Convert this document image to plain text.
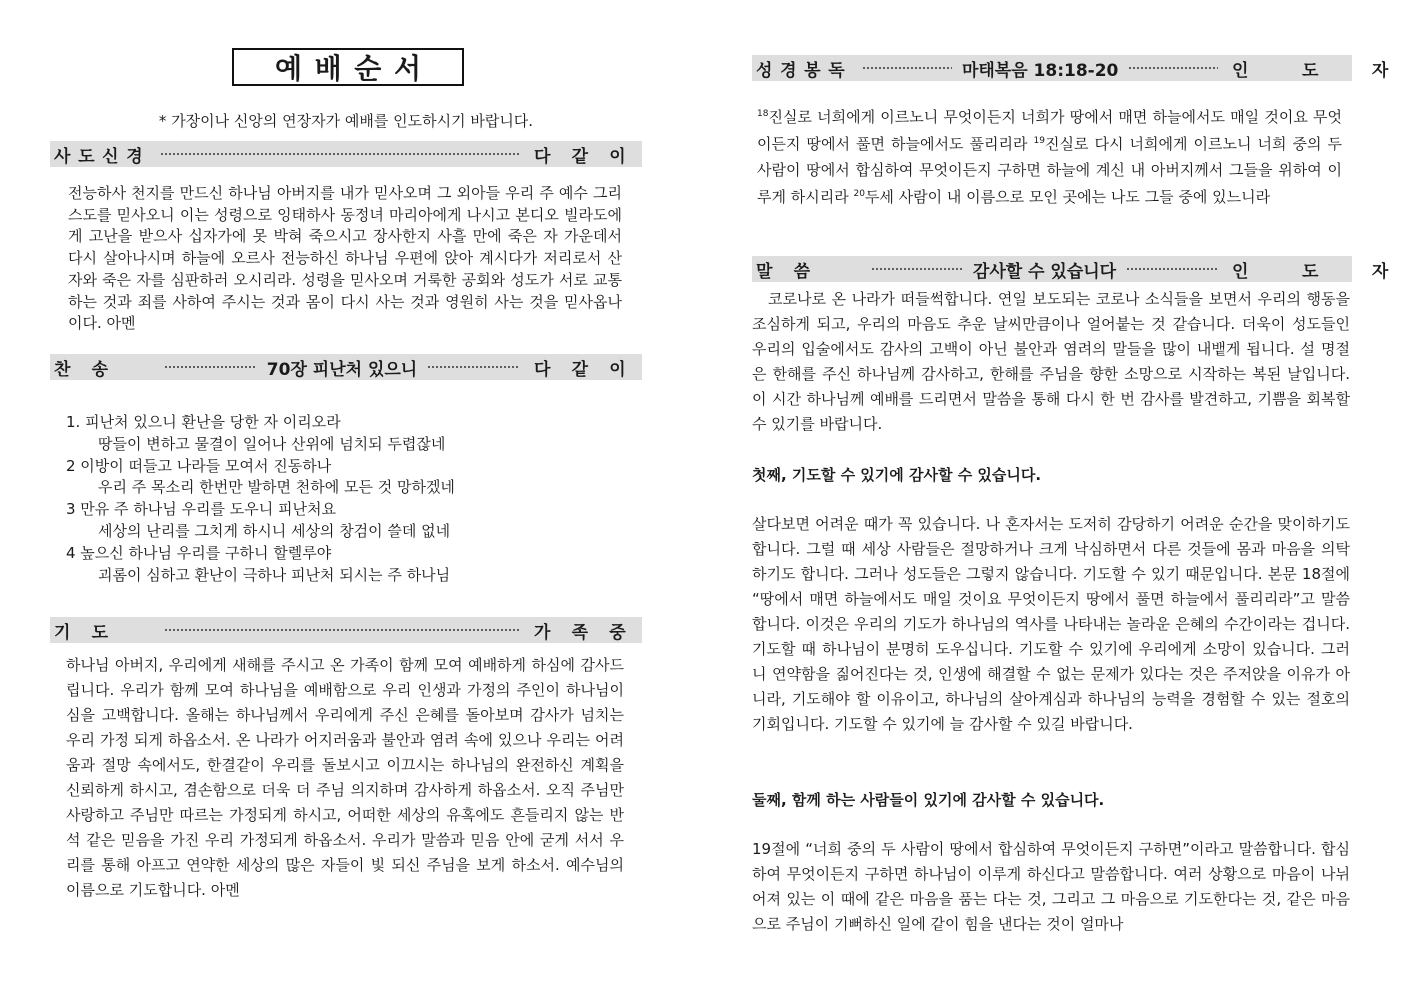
예배순서
* 가장이나 신앙의 연장자가 예배를 인도하시기 바랍니다.
사도신경	다 같 이

전능하사 천지를 만드신 하나님 아버지를 내가 믿사오며 그 외아들 우리 주 예수 그리스도를 믿사오니 이는 성령으로 잉태하사 동정녀 마리아에게 나시고 본디오 빌라도에게 고난을 받으사 십자가에 못 박혀 죽으시고 장사한지 사흘 만에 죽은 자 가운데서 다시 살아나시며 하늘에 오르사 전능하신 하나님 우편에 앉아 계시다가 저리로서 산 자와 죽은 자를 심판하러 오시리라. 성령을 믿사오며 거룩한 공회와 성도가 서로 교통하는 것과 죄를 사하여 주시는 것과 몸이 다시 사는 것과 영원히 사는 것을 믿사옵나이다. 아멘

찬 송	70장 피난처 있으니	다 같 이
기 도	가 족 중

하나님 아버지, 우리에게 새해를 주시고 온 가족이 함께 모여 예배하게 하심에 감사드립니다. 우리가 함께 모여 하나님을 예배함으로 우리 인생과 가정의 주인이 하나님이심을 고백합니다. 올해는 하나님께서 우리에게 주신 은혜를 돌아보며 감사가 넘치는 우리 가정 되게 하옵소서. 온 나라가 어지러움과 불안과 염려 속에 있으나 우리는 어려움과 절망 속에서도, 한결같이 우리를 돌보시고 이끄시는 하나님의 완전하신 계획을 신뢰하게 하시고, 겸손함으로 더욱 더 주님 의지하며 감사하게 하옵소서. 오직 주님만 사랑하고 주님만 따르는 가정되게 하시고, 어떠한 세상의 유혹에도 흔들리지 않는 반석 같은 믿음을 가진 우리 가정되게 하옵소서. 우리가 말씀과 믿음 안에 굳게 서서 우리를 통해 아프고 연약한 세상의 많은 자들이 빛 되신 주님을 보게 하소서. 예수님의 이름으로 기도합니다. 아멘

1. 피난처 있으니 환난을 당한 자 이리오라

땅들이 변하고 물결이 일어나 산위에 넘치되 두렵잖네

2 이방이 떠들고 나라들 모여서 진동하나

우리 주 목소리 한번만 발하면 천하에 모든 것 망하겠네

3 만유 주 하나님 우리를 도우니 피난처요

세상의 난리를 그치게 하시니 세상의 창검이 쓸데 없네

4 높으신 하나님 우리를 구하니 할렐루야

괴롬이 심하고 환난이 극하나 피난처 되시는 주 하나님

성경봉독	마태복음 18:18-20	인 도 자

$^{18}$진실로 너희에게 이르노니 무엇이든지 너희가 땅에서 매면 하늘에서도 매일 것이요 무엇이든지 땅에서 풀면 하늘에서도 풀리리라 $^{19}$진실로 다시 너희에게 이르노니 너희 중의 두 사람이 땅에서 합심하여 무엇이든지 구하면 하늘에 계신 내 아버지께서 그들을 위하여 이루게 하시리라 $^{20}$두세 사람이 내 이름으로 모인 곳에는 나도 그들 중에 있느니라

말 씀	감사할 수 있습니다	인 도 자

코로나로 온 나라가 떠들썩합니다. 연일 보도되는 코로나 소식들을 보면서 우리의 행동을 조심하게 되고, 우리의 마음도 추운 날씨만큼이나 얼어붙는 것 같습니다. 더욱이 성도들인 우리의 입술에서도 감사의 고백이 아닌 불안과 염려의 말들을 많이 내뱉게 됩니다. 설 명절은 한해를 주신 하나님께 감사하고, 한해를 주님을 향한 소망으로 시작하는 복된 날입니다. 이 시간 하나님께 예배를 드리면서 말씀을 통해 다시 한 번 감사를 발견하고, 기쁨을 회복할 수 있기를 바랍니다.

첫째, 기도할 수 있기에 감사할 수 있습니다.

살다보면 어려운 때가 꼭 있습니다. 나 혼자서는 도저히 감당하기 어려운 순간을 맞이하기도 합니다. 그럴 때 세상 사람들은 절망하거나 크게 낙심하면서 다른 것들에 몸과 마음을 의탁하기도 합니다. 그러나 성도들은 그렇지 않습니다. 기도할 수 있기 때문입니다. 본문 18절에 “땅에서 매면 하늘에서도 매일 것이요 무엇이든지 땅에서 풀면 하늘에서 풀리리라”고 말씀합니다. 이것은 우리의 기도가 하나님의 역사를 나타내는 놀라운 은혜의 수간이라는 겁니다. 기도할 때 하나님이 분명히 도우십니다. 기도할 수 있기에 우리에게 소망이 있습니다. 그러니 연약함을 짊어진다는 것, 인생에 해결할 수 없는 문제가 있다는 것은 주저앉을 이유가 아니라, 기도해야 할 이유이고, 하나님의 살아계심과 하나님의 능력을 경험할 수 있는 절호의 기회입니다. 기도할 수 있기에 늘 감사할 수 있길 바랍니다.

둘째, 함께 하는 사람들이 있기에 감사할 수 있습니다.

19절에 “너희 중의 두 사람이 땅에서 합심하여 무엇이든지 구하면”이라고 말씀합니다. 합심하여 무엇이든지 구하면 하나님이 이루게 하신다고 말씀합니다. 여러 상황으로 마음이 나뉘어져 있는 이 때에 같은 마음을 품는 다는 것, 그리고 그 마음으로 기도한다는 것, 같은 마음으로 주님이 기뻐하신 일에 같이 힘을 낸다는 것이 얼마나
